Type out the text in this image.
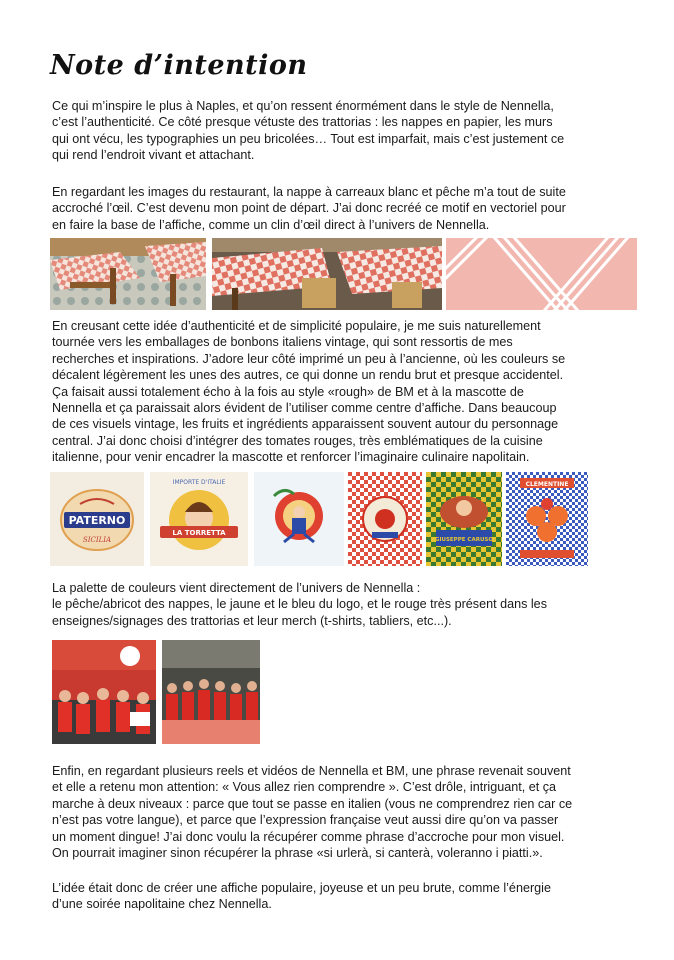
Note d’intention

Ce qui m’inspire le plus à Naples, et qu’on ressent énormément dans le style de Nennella,
c’est l’authenticité. Ce côté presque vétuste des trattorias : les nappes en papier, les murs
qui ont vécu, les typographies un peu bricolées… Tout est imparfait, mais c’est justement ce
qui rend l’endroit vivant et attachant.

En regardant les images du restaurant, la nappe à carreaux blanc et pêche m’a tout de suite
accroché l’œil. C’est devenu mon point de départ. J’ai donc recréé ce motif en vectoriel pour
en faire la base de l’affiche, comme un clin d’œil direct à l’univers de Nennella.

En creusant cette idée d’authenticité et de simplicité populaire, je me suis naturellement
tournée vers les emballages de bonbons italiens vintage, qui sont ressortis de mes
recherches et inspirations. J’adore leur côté imprimé un peu à l’ancienne, où les couleurs se
décalent légèrement les unes des autres, ce qui donne un rendu brut et presque accidentel.
Ça faisait aussi totalement écho à la fois au style «rough» de BM et à la mascotte de
Nennella et ça paraissait alors évident de l’utiliser comme centre d’affiche. Dans beaucoup
de ces visuels vintage, les fruits et ingrédients apparaissent souvent autour du personnage
central. J’ai donc choisi d’intégrer des tomates rouges, très emblématiques de la cuisine
italienne, pour venir encadrer la mascotte et renforcer l’imaginaire culinaire napolitain.

PATERNO
SICILIA
IMPORTE D'ITALIE
LA TORRETTA
GIUSEPPE CARUSO
CLEMENTINE

La palette de couleurs vient directement de l’univers de Nennella :
le pêche/abricot des nappes, le jaune et le bleu du logo, et le rouge très présent dans les
enseignes/signages des trattorias et leur merch (t-shirts, tabliers, etc...).

Enfin, en regardant plusieurs reels et vidéos de Nennella et BM, une phrase revenait souvent
et elle a retenu mon attention: « Vous allez rien comprendre ». C’est drôle, intriguant, et ça
marche à deux niveaux : parce que tout se passe en italien (vous ne comprendrez rien car ce
n’est pas votre langue), et parce que l’expression française veut aussi dire qu’on va passer
un moment dingue! J’ai donc voulu la récupérer comme phrase d’accroche pour mon visuel.
On pourrait imaginer sinon récupérer la phrase «si urlerà, si canterà, voleranno i piatti.».

L’idée était donc de créer une affiche populaire, joyeuse et un peu brute, comme l’énergie
d’une soirée napolitaine chez Nennella.
